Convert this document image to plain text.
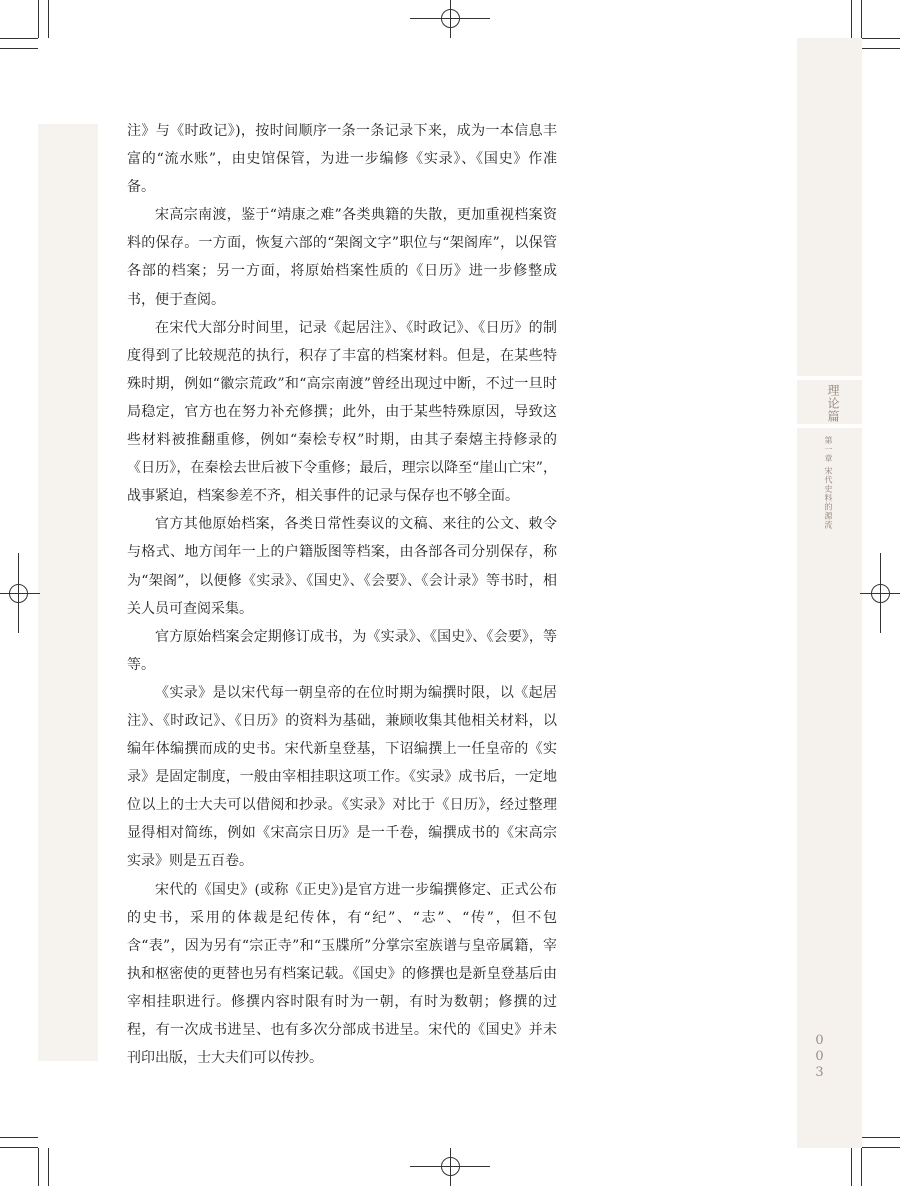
理论篇
第一章 宋代史料的源流
003

注》与《时政记》)，按时间顺序一条一条记录下来，成为一本信息丰富的“流水账”，由史馆保管，为进一步编修《实录》、《国史》作准备。

宋高宗南渡，鉴于“靖康之难”各类典籍的失散，更加重视档案资料的保存。一方面，恢复六部的“架阁文字”职位与“架阁库”，以保管各部的档案；另一方面，将原始档案性质的《日历》进一步修整成书，便于查阅。

在宋代大部分时间里，记录《起居注》、《时政记》、《日历》的制度得到了比较规范的执行，积存了丰富的档案材料。但是，在某些特殊时期，例如“徽宗荒政”和“高宗南渡”曾经出现过中断，不过一旦时局稳定，官方也在努力补充修撰；此外，由于某些特殊原因，导致这些材料被推翻重修，例如“秦桧专权”时期，由其子秦熺主持修录的《日历》，在秦桧去世后被下令重修；最后，理宗以降至“崖山亡宋”，战事紧迫，档案参差不齐，相关事件的记录与保存也不够全面。

官方其他原始档案，各类日常性奏议的文稿、来往的公文、敕令与格式、地方闰年一上的户籍版图等档案，由各部各司分别保存，称为“架阁”，以便修《实录》、《国史》、《会要》、《会计录》等书时，相关人员可查阅采集。

官方原始档案会定期修订成书，为《实录》、《国史》、《会要》，等等。

《实录》是以宋代每一朝皇帝的在位时期为编撰时限，以《起居注》、《时政记》、《日历》的资料为基础，兼顾收集其他相关材料，以编年体编撰而成的史书。宋代新皇登基，下诏编撰上一任皇帝的《实录》是固定制度，一般由宰相挂职这项工作。《实录》成书后，一定地位以上的士大夫可以借阅和抄录。《实录》对比于《日历》，经过整理显得相对简练，例如《宋高宗日历》是一千卷，编撰成书的《宋高宗实录》则是五百卷。

宋代的《国史》(或称《正史》)是官方进一步编撰修定、正式公布的史书，采用的体裁是纪传体，有“纪”、“志”、“传”，但不包含“表”，因为另有“宗正寺”和“玉牒所”分掌宗室族谱与皇帝属籍，宰执和枢密使的更替也另有档案记载。《国史》的修撰也是新皇登基后由宰相挂职进行。修撰内容时限有时为一朝，有时为数朝；修撰的过程，有一次成书进呈、也有多次分部成书进呈。宋代的《国史》并未刊印出版，士大夫们可以传抄。
